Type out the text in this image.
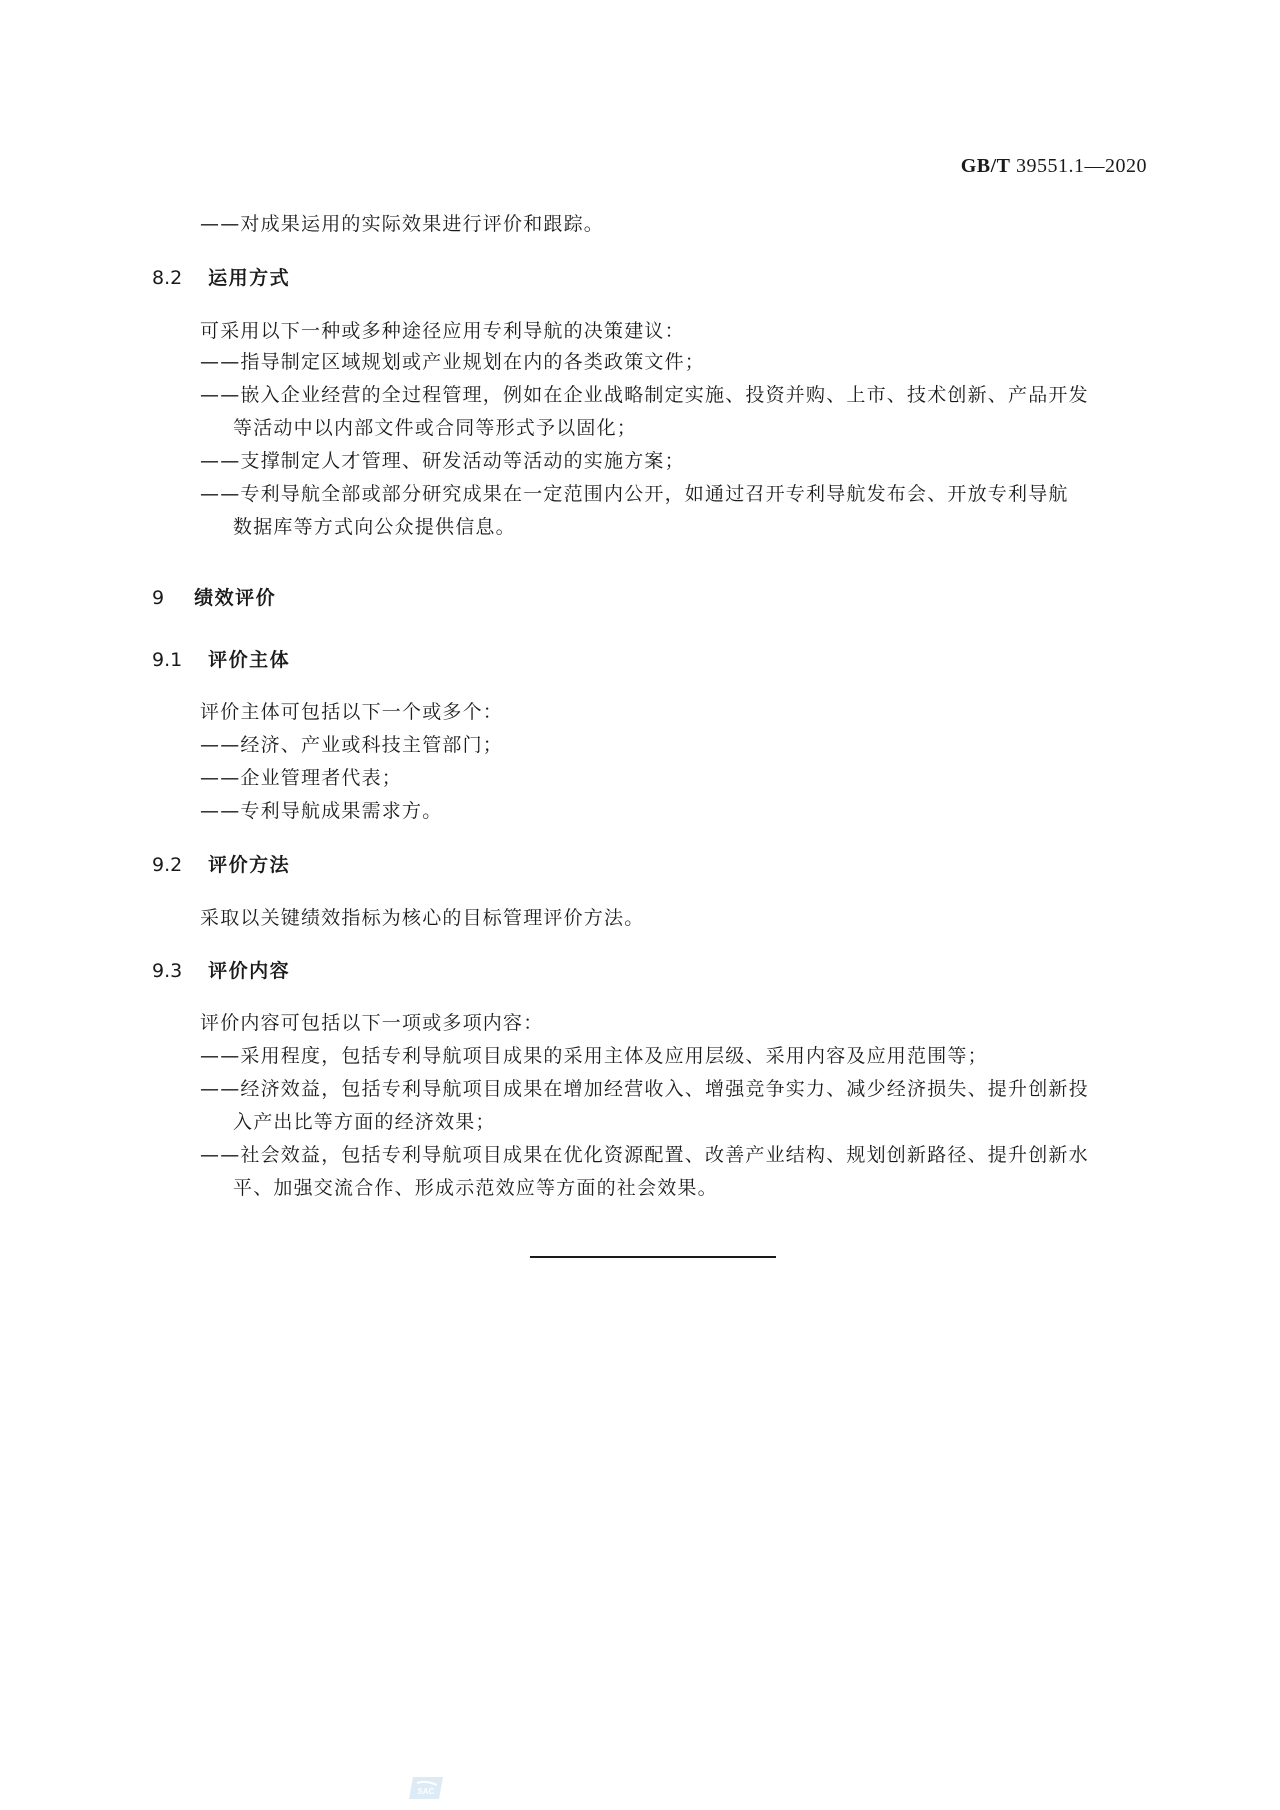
GB/T 39551.1—2020
——对成果运用的实际效果进行评价和跟踪。
8.2 运用方式
可采用以下一种或多种途径应用专利导航的决策建议：
——指导制定区域规划或产业规划在内的各类政策文件；
——嵌入企业经营的全过程管理，例如在企业战略制定实施、投资并购、上市、技术创新、产品开发
等活动中以内部文件或合同等形式予以固化；
——支撑制定人才管理、研发活动等活动的实施方案；
——专利导航全部或部分研究成果在一定范围内公开，如通过召开专利导航发布会、开放专利导航
数据库等方式向公众提供信息。
9 绩效评价
9.1 评价主体
评价主体可包括以下一个或多个：
——经济、产业或科技主管部门；
——企业管理者代表；
——专利导航成果需求方。
9.2 评价方法
采取以关键绩效指标为核心的目标管理评价方法。
9.3 评价内容
评价内容可包括以下一项或多项内容：
——采用程度，包括专利导航项目成果的采用主体及应用层级、采用内容及应用范围等；
——经济效益，包括专利导航项目成果在增加经营收入、增强竞争实力、减少经济损失、提升创新投
入产出比等方面的经济效果；
——社会效益，包括专利导航项目成果在优化资源配置、改善产业结构、规划创新路径、提升创新水
平、加强交流合作、形成示范效应等方面的社会效果。
SAC
